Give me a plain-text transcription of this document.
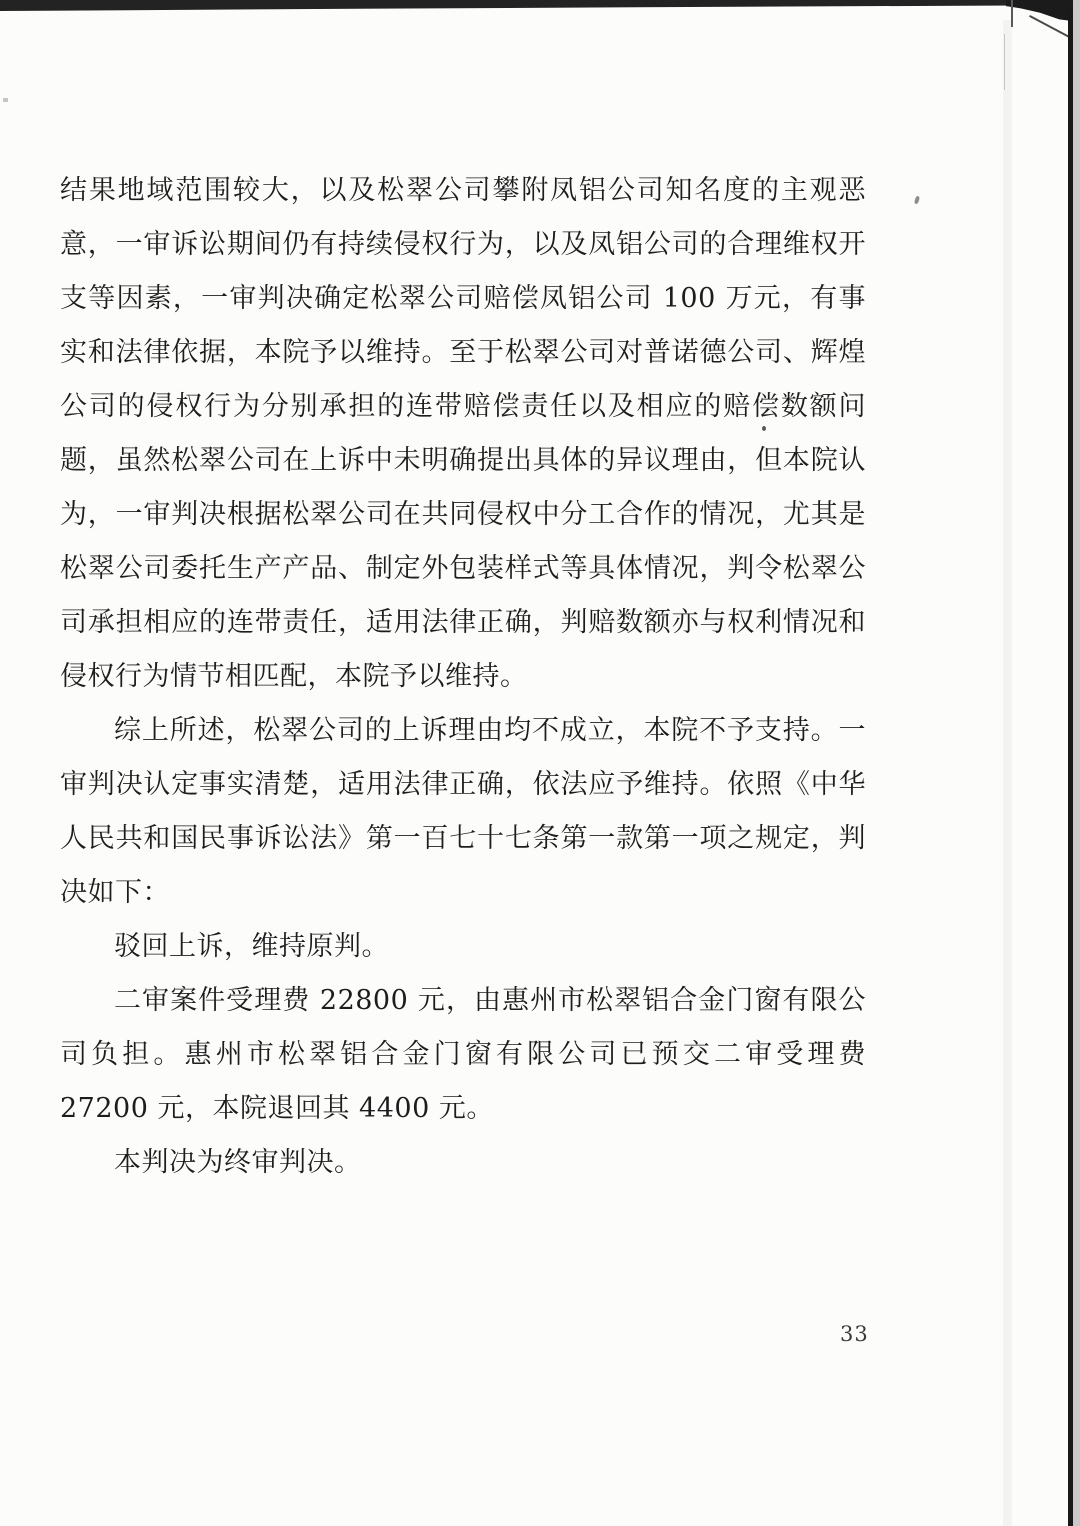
结果地域范围较大，以及松翠公司攀附凤铝公司知名度的主观恶意，一审诉讼期间仍有持续侵权行为，以及凤铝公司的合理维权开支等因素，一审判决确定松翠公司赔偿凤铝公司 100 万元，有事实和法律依据，本院予以维持。至于松翠公司对普诺德公司、辉煌公司的侵权行为分别承担的连带赔偿责任以及相应的赔偿数额问题，虽然松翠公司在上诉中未明确提出具体的异议理由，但本院认为，一审判决根据松翠公司在共同侵权中分工合作的情况，尤其是松翠公司委托生产产品、制定外包装样式等具体情况，判令松翠公司承担相应的连带责任，适用法律正确，判赔数额亦与权利情况和侵权行为情节相匹配，本院予以维持。

综上所述，松翠公司的上诉理由均不成立，本院不予支持。一审判决认定事实清楚，适用法律正确，依法应予维持。依照《中华人民共和国民事诉讼法》第一百七十七条第一款第一项之规定，判决如下：

驳回上诉，维持原判。

二审案件受理费 22800 元，由惠州市松翠铝合金门窗有限公司负担。惠州市松翠铝合金门窗有限公司已预交二审受理费 27200 元，本院退回其 4400 元。

本判决为终审判决。

33
